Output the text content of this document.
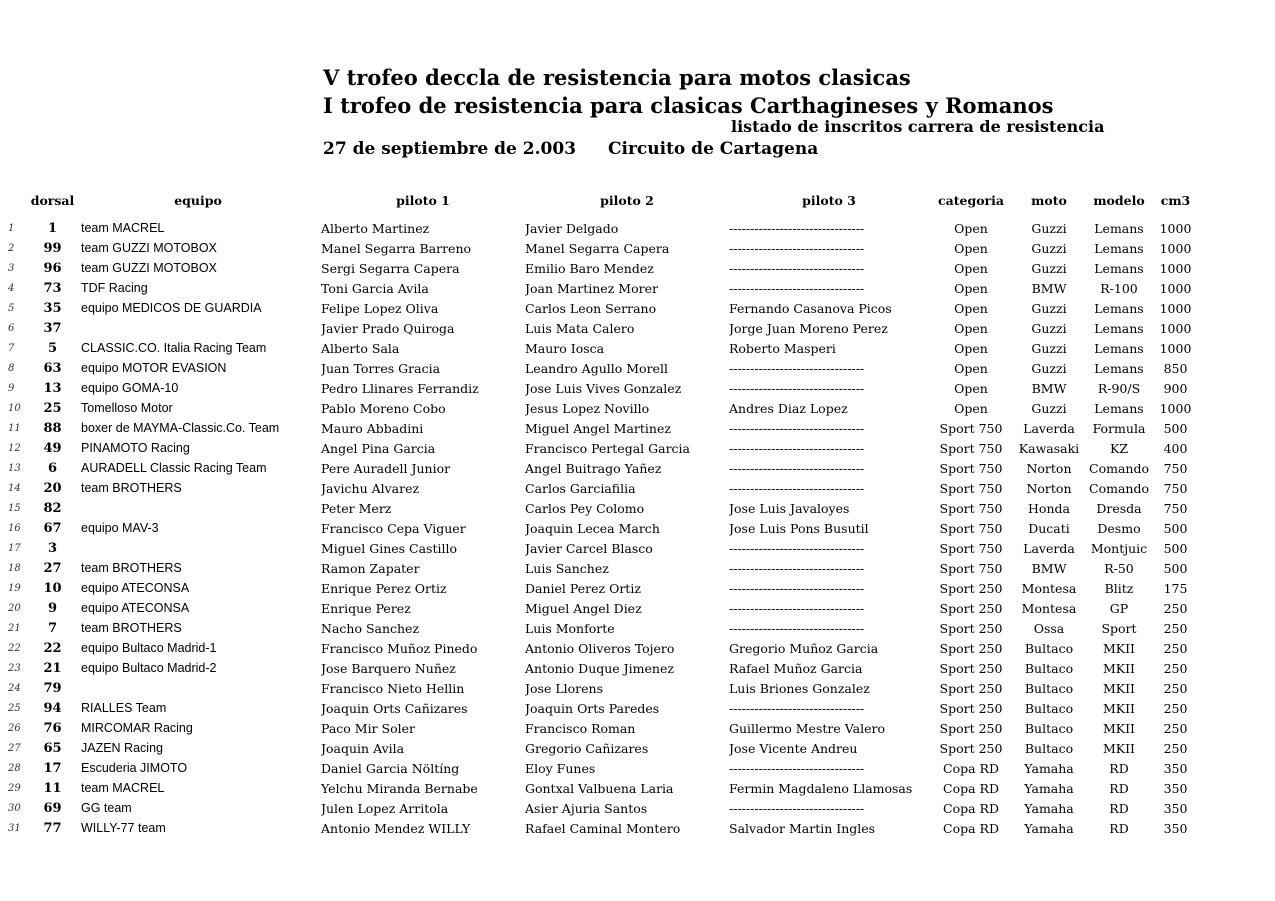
V trofeo deccla de resistencia para motos clasicas
I trofeo de resistencia para clasicas Carthagineses y Romanos
listado de inscritos carrera de resistencia
27 de septiembre de 2.003 Circuito de Cartagena
	dorsal	equipo	piloto 1	piloto 2	piloto 3	categoria	moto	modelo	cm3

1	1	team MACREL	Alberto Martinez	Javier Delgado	--------------------------------	Open	Guzzi	Lemans	1000
2	99	team GUZZI MOTOBOX	Manel Segarra Barreno	Manel Segarra Capera	--------------------------------	Open	Guzzi	Lemans	1000
3	96	team GUZZI MOTOBOX	Sergi Segarra Capera	Emilio Baro Mendez	--------------------------------	Open	Guzzi	Lemans	1000
4	73	TDF Racing	Toni Garcia Avila	Joan Martinez Morer	--------------------------------	Open	BMW	R-100	1000
5	35	equipo MEDICOS DE GUARDIA	Felipe Lopez Oliva	Carlos Leon Serrano	Fernando Casanova Picos	Open	Guzzi	Lemans	1000
6	37		Javier Prado Quiroga	Luis Mata Calero	Jorge Juan Moreno Perez	Open	Guzzi	Lemans	1000
7	5	CLASSIC.CO. Italia Racing Team	Alberto Sala	Mauro Iosca	Roberto Masperi	Open	Guzzi	Lemans	1000
8	63	equipo MOTOR EVASION	Juan Torres Gracia	Leandro Agullo Morell	--------------------------------	Open	Guzzi	Lemans	850
9	13	equipo GOMA-10	Pedro Llinares Ferrandiz	Jose Luis Vives Gonzalez	--------------------------------	Open	BMW	R-90/S	900
10	25	Tomelloso Motor	Pablo Moreno Cobo	Jesus Lopez Novillo	Andres Diaz Lopez	Open	Guzzi	Lemans	1000
11	88	boxer de MAYMA-Classic.Co. Team	Mauro Abbadini	Miguel Angel Martinez	--------------------------------	Sport 750	Laverda	Formula	500
12	49	PINAMOTO Racing	Angel Pina Garcia	Francisco Pertegal Garcia	--------------------------------	Sport 750	Kawasaki	KZ	400
13	6	AURADELL Classic Racing Team	Pere Auradell Junior	Angel Buitrago Yañez	--------------------------------	Sport 750	Norton	Comando	750
14	20	team BROTHERS	Javichu Alvarez	Carlos Garciafilia	--------------------------------	Sport 750	Norton	Comando	750
15	82		Peter Merz	Carlos Pey Colomo	Jose Luis Javaloyes	Sport 750	Honda	Dresda	750
16	67	equipo MAV-3	Francisco Cepa Viguer	Joaquin Lecea March	Jose Luis Pons Busutil	Sport 750	Ducati	Desmo	500
17	3		Miguel Gines Castillo	Javier Carcel Blasco	--------------------------------	Sport 750	Laverda	Montjuic	500
18	27	team BROTHERS	Ramon Zapater	Luis Sanchez	--------------------------------	Sport 750	BMW	R-50	500
19	10	equipo ATECONSA	Enrique Perez Ortiz	Daniel Perez Ortiz	--------------------------------	Sport 250	Montesa	Blitz	175
20	9	equipo ATECONSA	Enrique Perez	Miguel Angel Diez	--------------------------------	Sport 250	Montesa	GP	250
21	7	team BROTHERS	Nacho Sanchez	Luis Monforte	--------------------------------	Sport 250	Ossa	Sport	250
22	22	equipo Bultaco Madrid-1	Francisco Muñoz Pinedo	Antonio Oliveros Tojero	Gregorio Muñoz Garcia	Sport 250	Bultaco	MKII	250
23	21	equipo Bultaco Madrid-2	Jose Barquero Nuñez	Antonio Duque Jimenez	Rafael Muñoz Garcia	Sport 250	Bultaco	MKII	250
24	79		Francisco Nieto Hellin	Jose Llorens	Luis Briones Gonzalez	Sport 250	Bultaco	MKII	250
25	94	RIALLES Team	Joaquin Orts Cañizares	Joaquin Orts Paredes	--------------------------------	Sport 250	Bultaco	MKII	250
26	76	MIRCOMAR Racing	Paco Mir Soler	Francisco Roman	Guillermo Mestre Valero	Sport 250	Bultaco	MKII	250
27	65	JAZEN Racing	Joaquin Avila	Gregorio Cañizares	Jose Vicente Andreu	Sport 250	Bultaco	MKII	250
28	17	Escuderia JIMOTO	Daniel Garcia Nöltíng	Eloy Funes	--------------------------------	Copa RD	Yamaha	RD	350
29	11	team MACREL	Yelchu Miranda Bernabe	Gontxal Valbuena Laria	Fermin Magdaleno Llamosas	Copa RD	Yamaha	RD	350
30	69	GG team	Julen Lopez Arritola	Asier Ajuria Santos	--------------------------------	Copa RD	Yamaha	RD	350
31	77	WILLY-77 team	Antonio Mendez WILLY	Rafael Caminal Montero	Salvador Martin Ingles	Copa RD	Yamaha	RD	350
